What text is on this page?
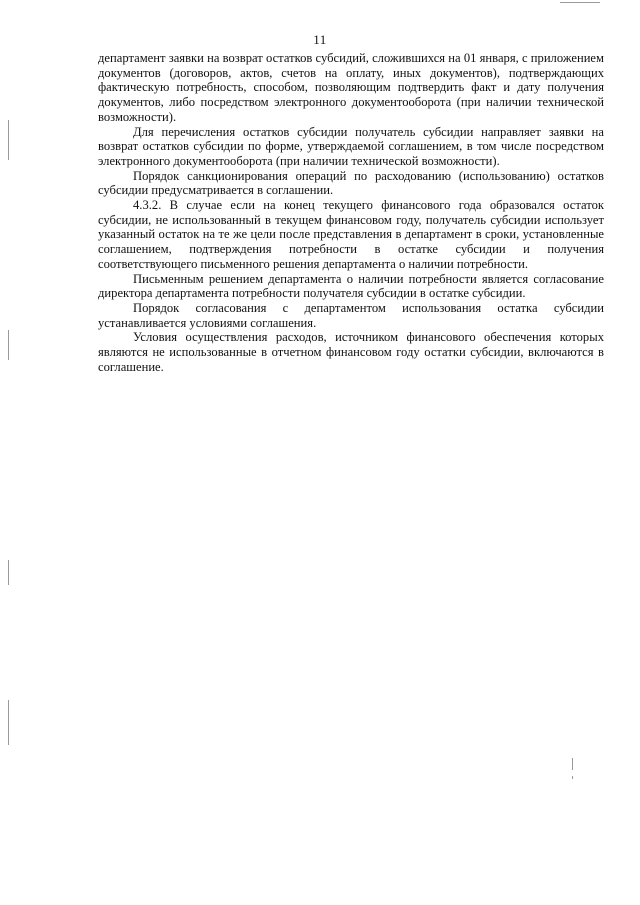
11

департамент заявки на возврат остатков субсидий, сложившихся на 01 января, с приложением документов (договоров, актов, счетов на оплату, иных документов), подтверждающих фактическую потребность, способом, позволяющим подтвердить факт и дату получения документов, либо посредством электронного документооборота (при наличии технической возможности).

Для перечисления остатков субсидии получатель субсидии направляет заявки на возврат остатков субсидии по форме, утверждаемой соглашением, в том числе посредством электронного документооборота (при наличии технической возможности).

Порядок санкционирования операций по расходованию (использованию) остатков субсидии предусматривается в соглашении.

4.3.2. В случае если на конец текущего финансового года образовался остаток субсидии, не использованный в текущем финансовом году, получатель субсидии использует указанный остаток на те же цели после представления в департамент в сроки, установленные соглашением, подтверждения потребности в остатке субсидии и получения соответствующего письменного решения департамента о наличии потребности.

Письменным решением департамента о наличии потребности является согласование директора департамента потребности получателя субсидии в остатке субсидии.

Порядок согласования с департаментом использования остатка субсидии устанавливается условиями соглашения.

Условия осуществления расходов, источником финансового обеспечения которых являются не использованные в отчетном финансовом году остатки субсидии, включаются в соглашение.
